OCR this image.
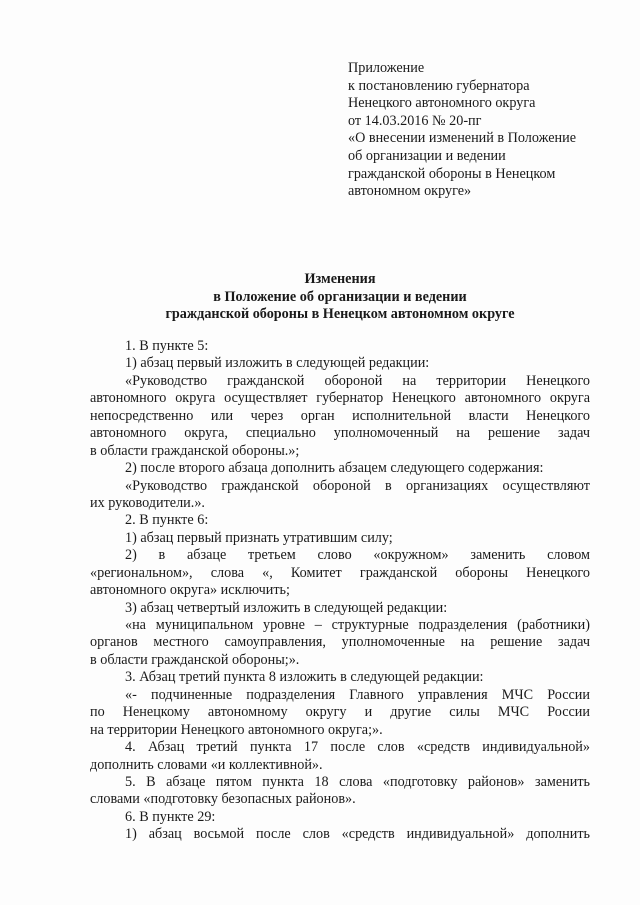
Приложение
к постановлению губернатора
Ненецкого автономного округа
от 14.03.2016 № 20-пг
«О внесении изменений в Положение
об организации и ведении
гражданской обороны в Ненецком
автономном округе»
Изменения
в Положение об организации и ведении
гражданской обороны в Ненецком автономном округе
1. В пункте 5:
1) абзац первый изложить в следующей редакции:
«Руководство гражданской обороной на территории Ненецкого
автономного округа осуществляет губернатор Ненецкого автономного округа
непосредственно или через орган исполнительной власти Ненецкого
автономного округа, специально уполномоченный на решение задач
в области гражданской обороны.»;
2) после второго абзаца дополнить абзацем следующего содержания:
«Руководство гражданской обороной в организациях осуществляют
их руководители.».
2. В пункте 6:
1) абзац первый признать утратившим силу;
2) в абзаце третьем слово «окружном» заменить словом
«региональном», слова «, Комитет гражданской обороны Ненецкого
автономного округа» исключить;
3) абзац четвертый изложить в следующей редакции:
«на муниципальном уровне – структурные подразделения (работники)
органов местного самоуправления, уполномоченные на решение задач
в области гражданской обороны;».
3. Абзац третий пункта 8 изложить в следующей редакции:
«- подчиненные подразделения Главного управления МЧС России
по Ненецкому автономному округу и другие силы МЧС России
на территории Ненецкого автономного округа;».
4. Абзац третий пункта 17 после слов «средств индивидуальной»
дополнить словами «и коллективной».
5. В абзаце пятом пункта 18 слова «подготовку районов» заменить
словами «подготовку безопасных районов».
6. В пункте 29:
1) абзац восьмой после слов «средств индивидуальной» дополнить
